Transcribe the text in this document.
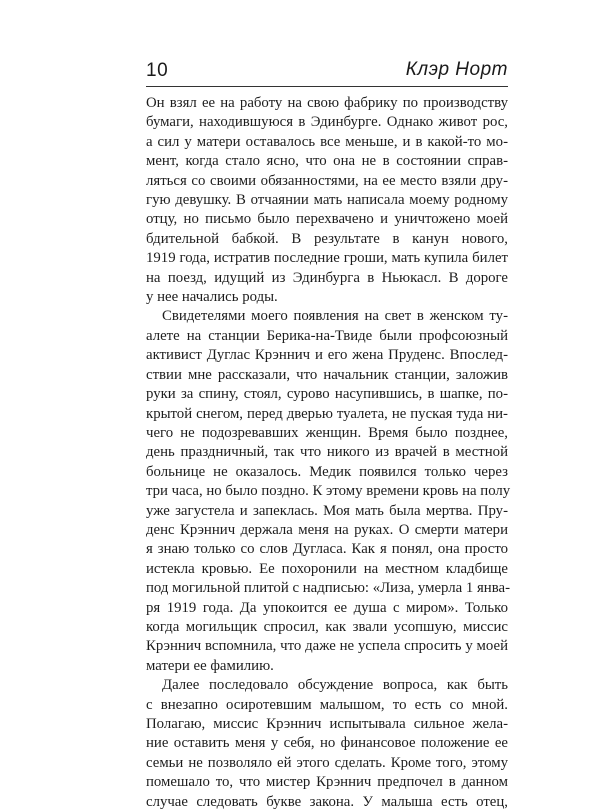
10	Клэр Норт

Он взял ее на работу на свою фабрику по производству

бумаги, находившуюся в Эдинбурге. Однако живот рос,

а сил у матери оставалось все меньше, и в какой-то мо-

мент, когда стало ясно, что она не в состоянии справ-

ляться со своими обязанностями, на ее место взяли дру-

гую девушку. В отчаянии мать написала моему родному

отцу, но письмо было перехвачено и уничтожено моей

бдительной бабкой. В результате в канун нового,

1919 года, истратив последние гроши, мать купила билет

на поезд, идущий из Эдинбурга в Ньюкасл. В дороге

у нее начались роды.

Свидетелями моего появления на свет в женском ту-

алете на станции Берика-на-Твиде были профсоюзный

активист Дуглас Крэннич и его жена Пруденс. Впослед-

ствии мне рассказали, что начальник станции, заложив

руки за спину, стоял, сурово насупившись, в шапке, по-

крытой снегом, перед дверью туалета, не пуская туда ни-

чего не подозревавших женщин. Время было позднее,

день праздничный, так что никого из врачей в местной

больнице не оказалось. Медик появился только через

три часа, но было поздно. К этому времени кровь на полу

уже загустела и запеклась. Моя мать была мертва. Пру-

денс Крэннич держала меня на руках. О смерти матери

я знаю только со слов Дугласа. Как я понял, она просто

истекла кровью. Ее похоронили на местном кладбище

под могильной плитой с надписью: «Лиза, умерла 1 янва-

ря 1919 года. Да упокоится ее душа с миром». Только

когда могильщик спросил, как звали усопшую, миссис

Крэннич вспомнила, что даже не успела спросить у моей

матери ее фамилию.

Далее последовало обсуждение вопроса, как быть

с внезапно осиротевшим малышом, то есть со мной.

Полагаю, миссис Крэннич испытывала сильное жела-

ние оставить меня у себя, но финансовое положение ее

семьи не позволяло ей этого сделать. Кроме того, этому

помешало то, что мистер Крэннич предпочел в данном

случае следовать букве закона. У малыша есть отец,
